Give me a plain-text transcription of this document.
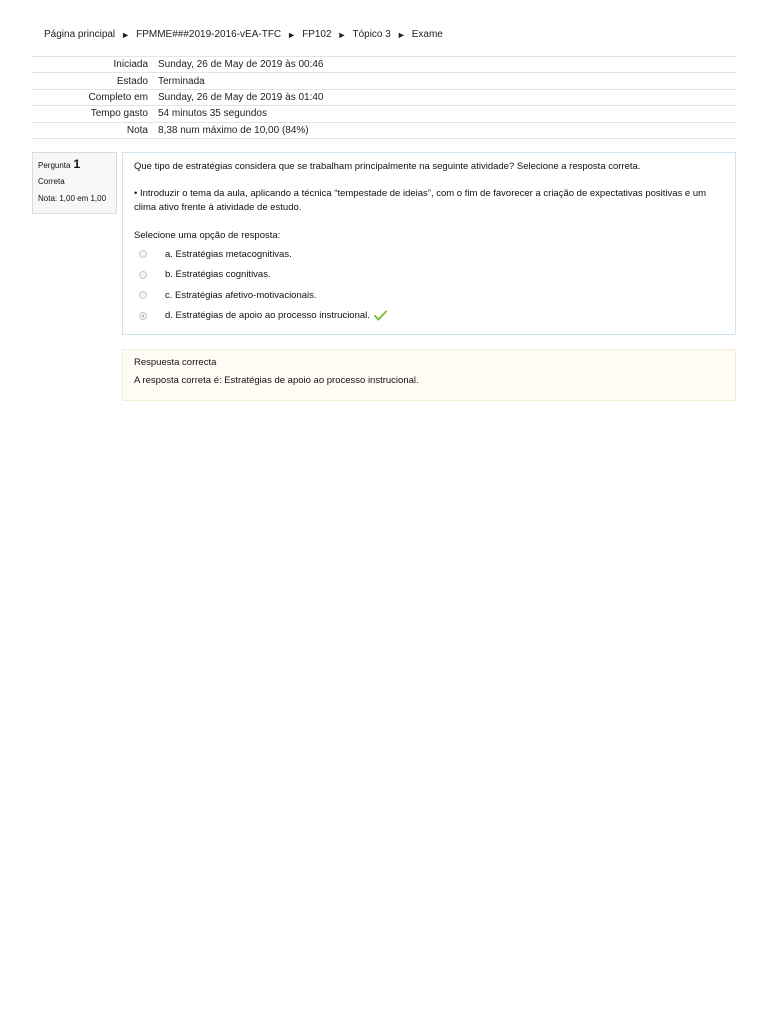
Página principal ► FPMME###2019-2016-vEA-TFC ► FP102 ► Tópico 3 ► Exame
Iniciada	Sunday, 26 de May de 2019 às 00:46
Estado	Terminada
Completo em	Sunday, 26 de May de 2019 às 01:40
Tempo gasto	54 minutos 35 segundos
Nota	8,38 num máximo de 10,00 (84%)
Pergunta 1
Correta
Nota: 1,00 em 1,00

Que tipo de estratégias considera que se trabalham principalmente na seguinte atividade? Selecione a resposta correta.

• Introduzir o tema da aula, aplicando a técnica “tempestade de ideias”, com o fim de favorecer a criação de expectativas positivas e um clima ativo frente à atividade de estudo.

Selecione uma opção de resposta:
a. Estratégias metacognitivas.
b. Estratégias cognitivas.
c. Estratégias afetivo-motivacionais.
d. Estratégias de apoio ao processo instrucional.
Respuesta correcta
A resposta correta é: Estratégias de apoio ao processo instrucional.
